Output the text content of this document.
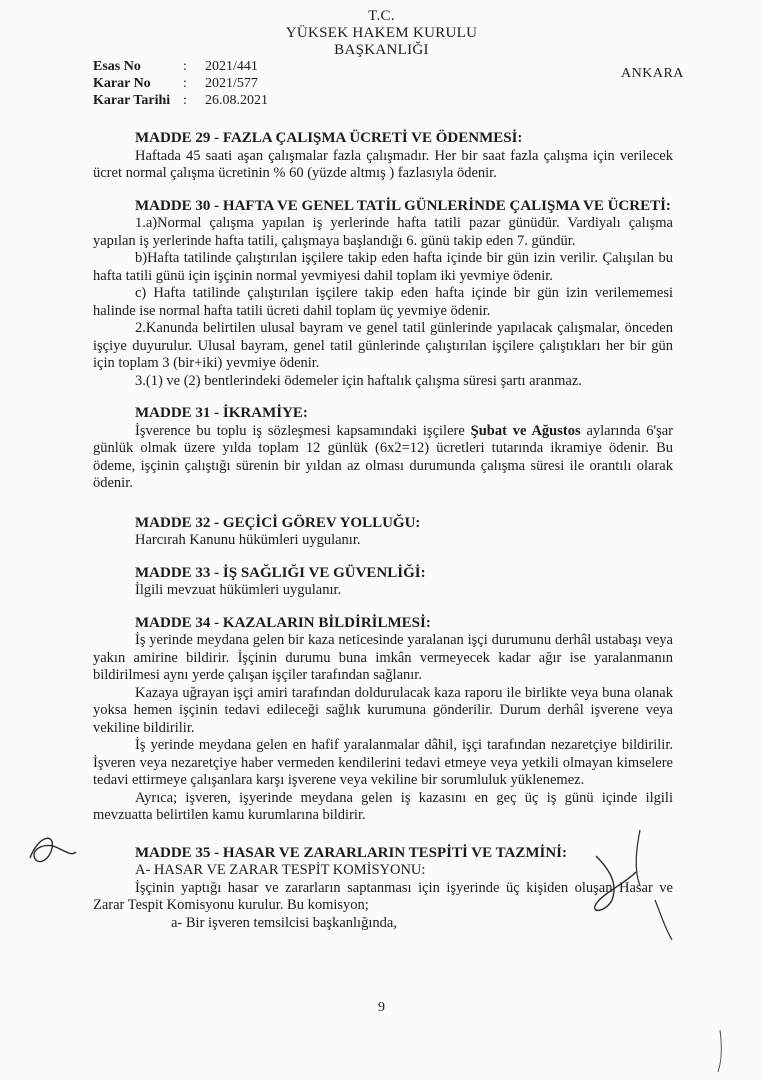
T.C.
YÜKSEK HAKEM KURULU
BAŞKANLIĞI
Esas No	:	2021/441
Karar No	:	2021/577
Karar Tarihi :	26.08.2021
ANKARA
MADDE 29 - FAZLA ÇALIŞMA ÜCRETİ VE ÖDENMESİ:

Haftada 45 saati aşan çalışmalar fazla çalışmadır. Her bir saat fazla çalışma için verilecek ücret normal çalışma ücretinin % 60 (yüzde altmış ) fazlasıyla ödenir.

MADDE 30 - HAFTA VE GENEL TATİL GÜNLERİNDE ÇALIŞMA VE ÜCRETİ:

1.a)Normal çalışma yapılan iş yerlerinde hafta tatili pazar günüdür. Vardiyalı çalışma yapılan iş yerlerinde hafta tatili, çalışmaya başlandığı 6. günü takip eden 7. gündür.

b)Hafta tatilinde çalıştırılan işçilere takip eden hafta içinde bir gün izin verilir. Çalışılan bu hafta tatili günü için işçinin normal yevmiyesi dahil toplam iki yevmiye ödenir.

c) Hafta tatilinde çalıştırılan işçilere takip eden hafta içinde bir gün izin verilememesi halinde ise normal hafta tatili ücreti dahil toplam üç yevmiye ödenir.

2.Kanunda belirtilen ulusal bayram ve genel tatil günlerinde yapılacak çalışmalar, önceden işçiye duyurulur. Ulusal bayram, genel tatil günlerinde çalıştırılan işçilere çalıştıkları her bir gün için toplam 3 (bir+iki) yevmiye ödenir.

3.(1) ve (2) bentlerindeki ödemeler için haftalık çalışma süresi şartı aranmaz.

MADDE 31 - İKRAMİYE:

İşverence bu toplu iş sözleşmesi kapsamındaki işçilere Şubat ve Ağustos aylarında 6'şar günlük olmak üzere yılda toplam 12 günlük (6x2=12) ücretleri tutarında ikramiye ödenir. Bu ödeme, işçinin çalıştığı sürenin bir yıldan az olması durumunda çalışma süresi ile orantılı olarak ödenir.

MADDE 32 - GEÇİCİ GÖREV YOLLUĞU:

Harcırah Kanunu hükümleri uygulanır.

MADDE 33 - İŞ SAĞLIĞI VE GÜVENLİĞİ:

İlgili mevzuat hükümleri uygulanır.

MADDE 34 - KAZALARIN BİLDİRİLMESİ:

İş yerinde meydana gelen bir kaza neticesinde yaralanan işçi durumunu derhâl ustabaşı veya yakın amirine bildirir. İşçinin durumu buna imkân vermeyecek kadar ağır ise yaralanmanın bildirilmesi aynı yerde çalışan işçiler tarafından sağlanır.

Kazaya uğrayan işçi amiri tarafından doldurulacak kaza raporu ile birlikte veya buna olanak yoksa hemen işçinin tedavi edileceği sağlık kurumuna gönderilir. Durum derhâl işverene veya vekiline bildirilir.

İş yerinde meydana gelen en hafif yaralanmalar dâhil, işçi tarafından nezaretçiye bildirilir. İşveren veya nezaretçiye haber vermeden kendilerini tedavi etmeye veya yetkili olmayan kimselere tedavi ettirmeye çalışanlara karşı işverene veya vekiline bir sorumluluk yüklenemez.

Ayrıca; işveren, işyerinde meydana gelen iş kazasını en geç üç iş günü içinde ilgili mevzuatta belirtilen kamu kurumlarına bildirir.

MADDE 35 - HASAR VE ZARARLARIN TESPİTİ VE TAZMİNİ:
A- HASAR VE ZARAR TESPİT KOMİSYONU:

İşçinin yaptığı hasar ve zararların saptanması için işyerinde üç kişiden oluşan Hasar ve Zarar Tespit Komisyonu kurulur. Bu komisyon;

a- Bir işveren temsilcisi başkanlığında,
9
